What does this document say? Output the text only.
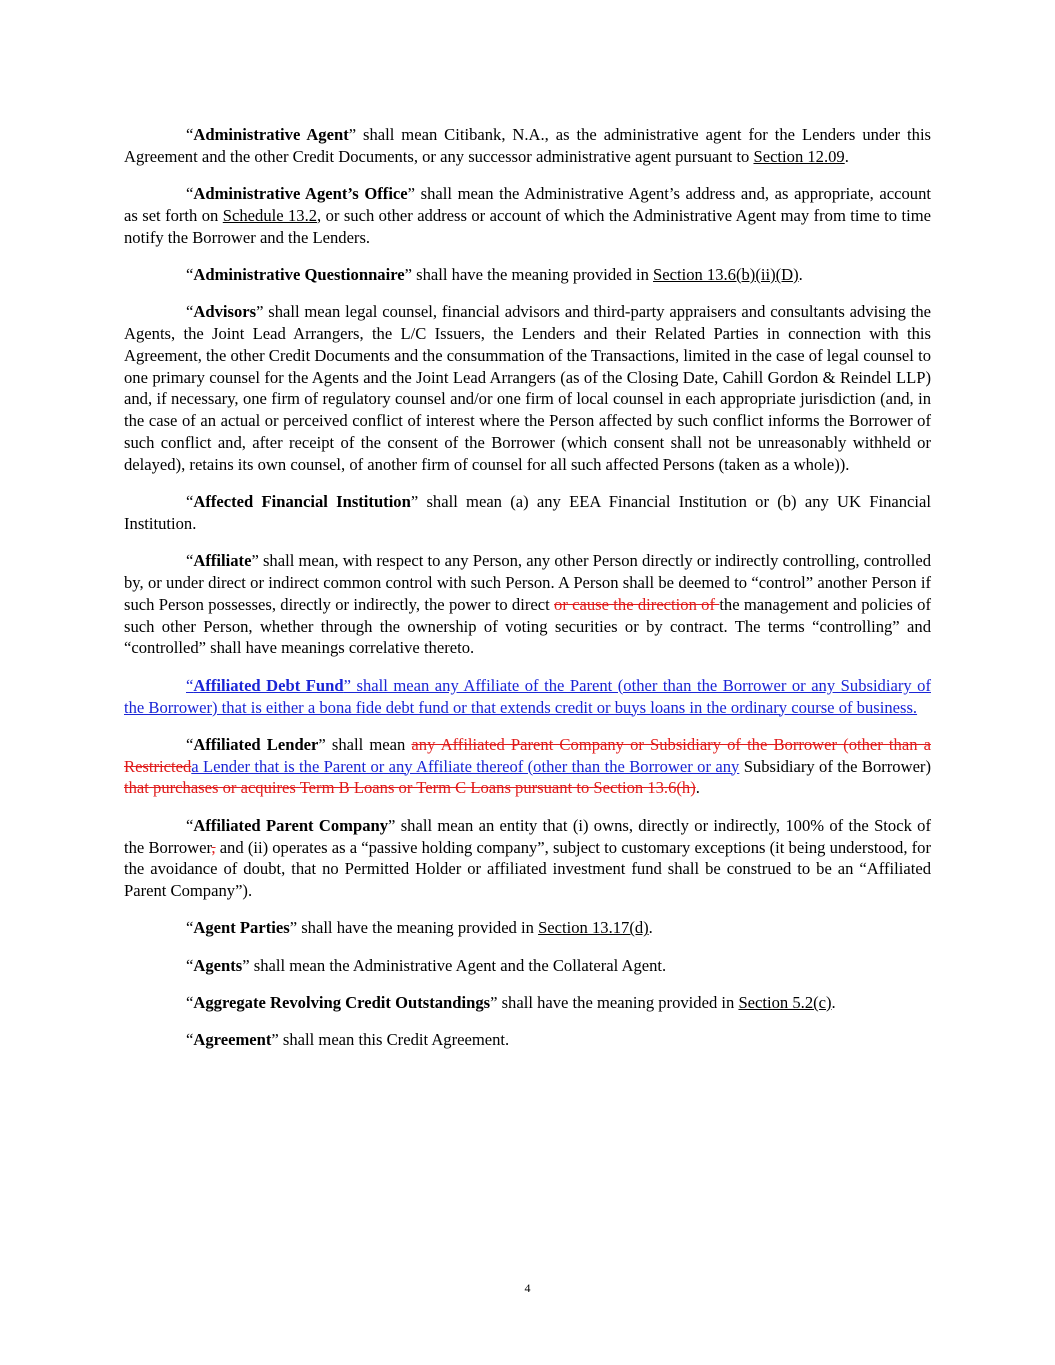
“Administrative Agent” shall mean Citibank, N.A., as the administrative agent for the Lenders under this Agreement and the other Credit Documents, or any successor administrative agent pursuant to Section 12.09.

“Administrative Agent’s Office” shall mean the Administrative Agent’s address and, as appropriate, account as set forth on Schedule 13.2, or such other address or account of which the Administrative Agent may from time to time notify the Borrower and the Lenders.

“Administrative Questionnaire” shall have the meaning provided in Section 13.6(b)(ii)(D).

“Advisors” shall mean legal counsel, financial advisors and third-party appraisers and consultants advising the Agents, the Joint Lead Arrangers, the L/C Issuers, the Lenders and their Related Parties in connection with this Agreement, the other Credit Documents and the consummation of the Transactions, limited in the case of legal counsel to one primary counsel for the Agents and the Joint Lead Arrangers (as of the Closing Date, Cahill Gordon & Reindel LLP) and, if necessary, one firm of regulatory counsel and/or one firm of local counsel in each appropriate jurisdiction (and, in the case of an actual or perceived conflict of interest where the Person affected by such conflict informs the Borrower of such conflict and, after receipt of the consent of the Borrower (which consent shall not be unreasonably withheld or delayed), retains its own counsel, of another firm of counsel for all such affected Persons (taken as a whole)).

“Affected Financial Institution” shall mean (a) any EEA Financial Institution or (b) any UK Financial Institution.

“Affiliate” shall mean, with respect to any Person, any other Person directly or indirectly controlling, controlled by, or under direct or indirect common control with such Person. A Person shall be deemed to “control” another Person if such Person possesses, directly or indirectly, the power to direct or cause the direction of the management and policies of such other Person, whether through the ownership of voting securities or by contract. The terms “controlling” and “controlled” shall have meanings correlative thereto.

“Affiliated Debt Fund” shall mean any Affiliate of the Parent (other than the Borrower or any Subsidiary of the Borrower) that is either a bona fide debt fund or that extends credit or buys loans in the ordinary course of business.

“Affiliated Lender” shall mean any Affiliated Parent Company or Subsidiary of the Borrower (other than a Restricteda Lender that is the Parent or any Affiliate thereof (other than the Borrower or any Subsidiary of the Borrower) that purchases or acquires Term B Loans or Term C Loans pursuant to Section 13.6(h).

“Affiliated Parent Company” shall mean an entity that (i) owns, directly or indirectly, 100% of the Stock of the Borrower, and (ii) operates as a “passive holding company”, subject to customary exceptions (it being understood, for the avoidance of doubt, that no Permitted Holder or affiliated investment fund shall be construed to be an “Affiliated Parent Company”).

“Agent Parties” shall have the meaning provided in Section 13.17(d).

“Agents” shall mean the Administrative Agent and the Collateral Agent.

“Aggregate Revolving Credit Outstandings” shall have the meaning provided in Section 5.2(c).

“Agreement” shall mean this Credit Agreement.

4
